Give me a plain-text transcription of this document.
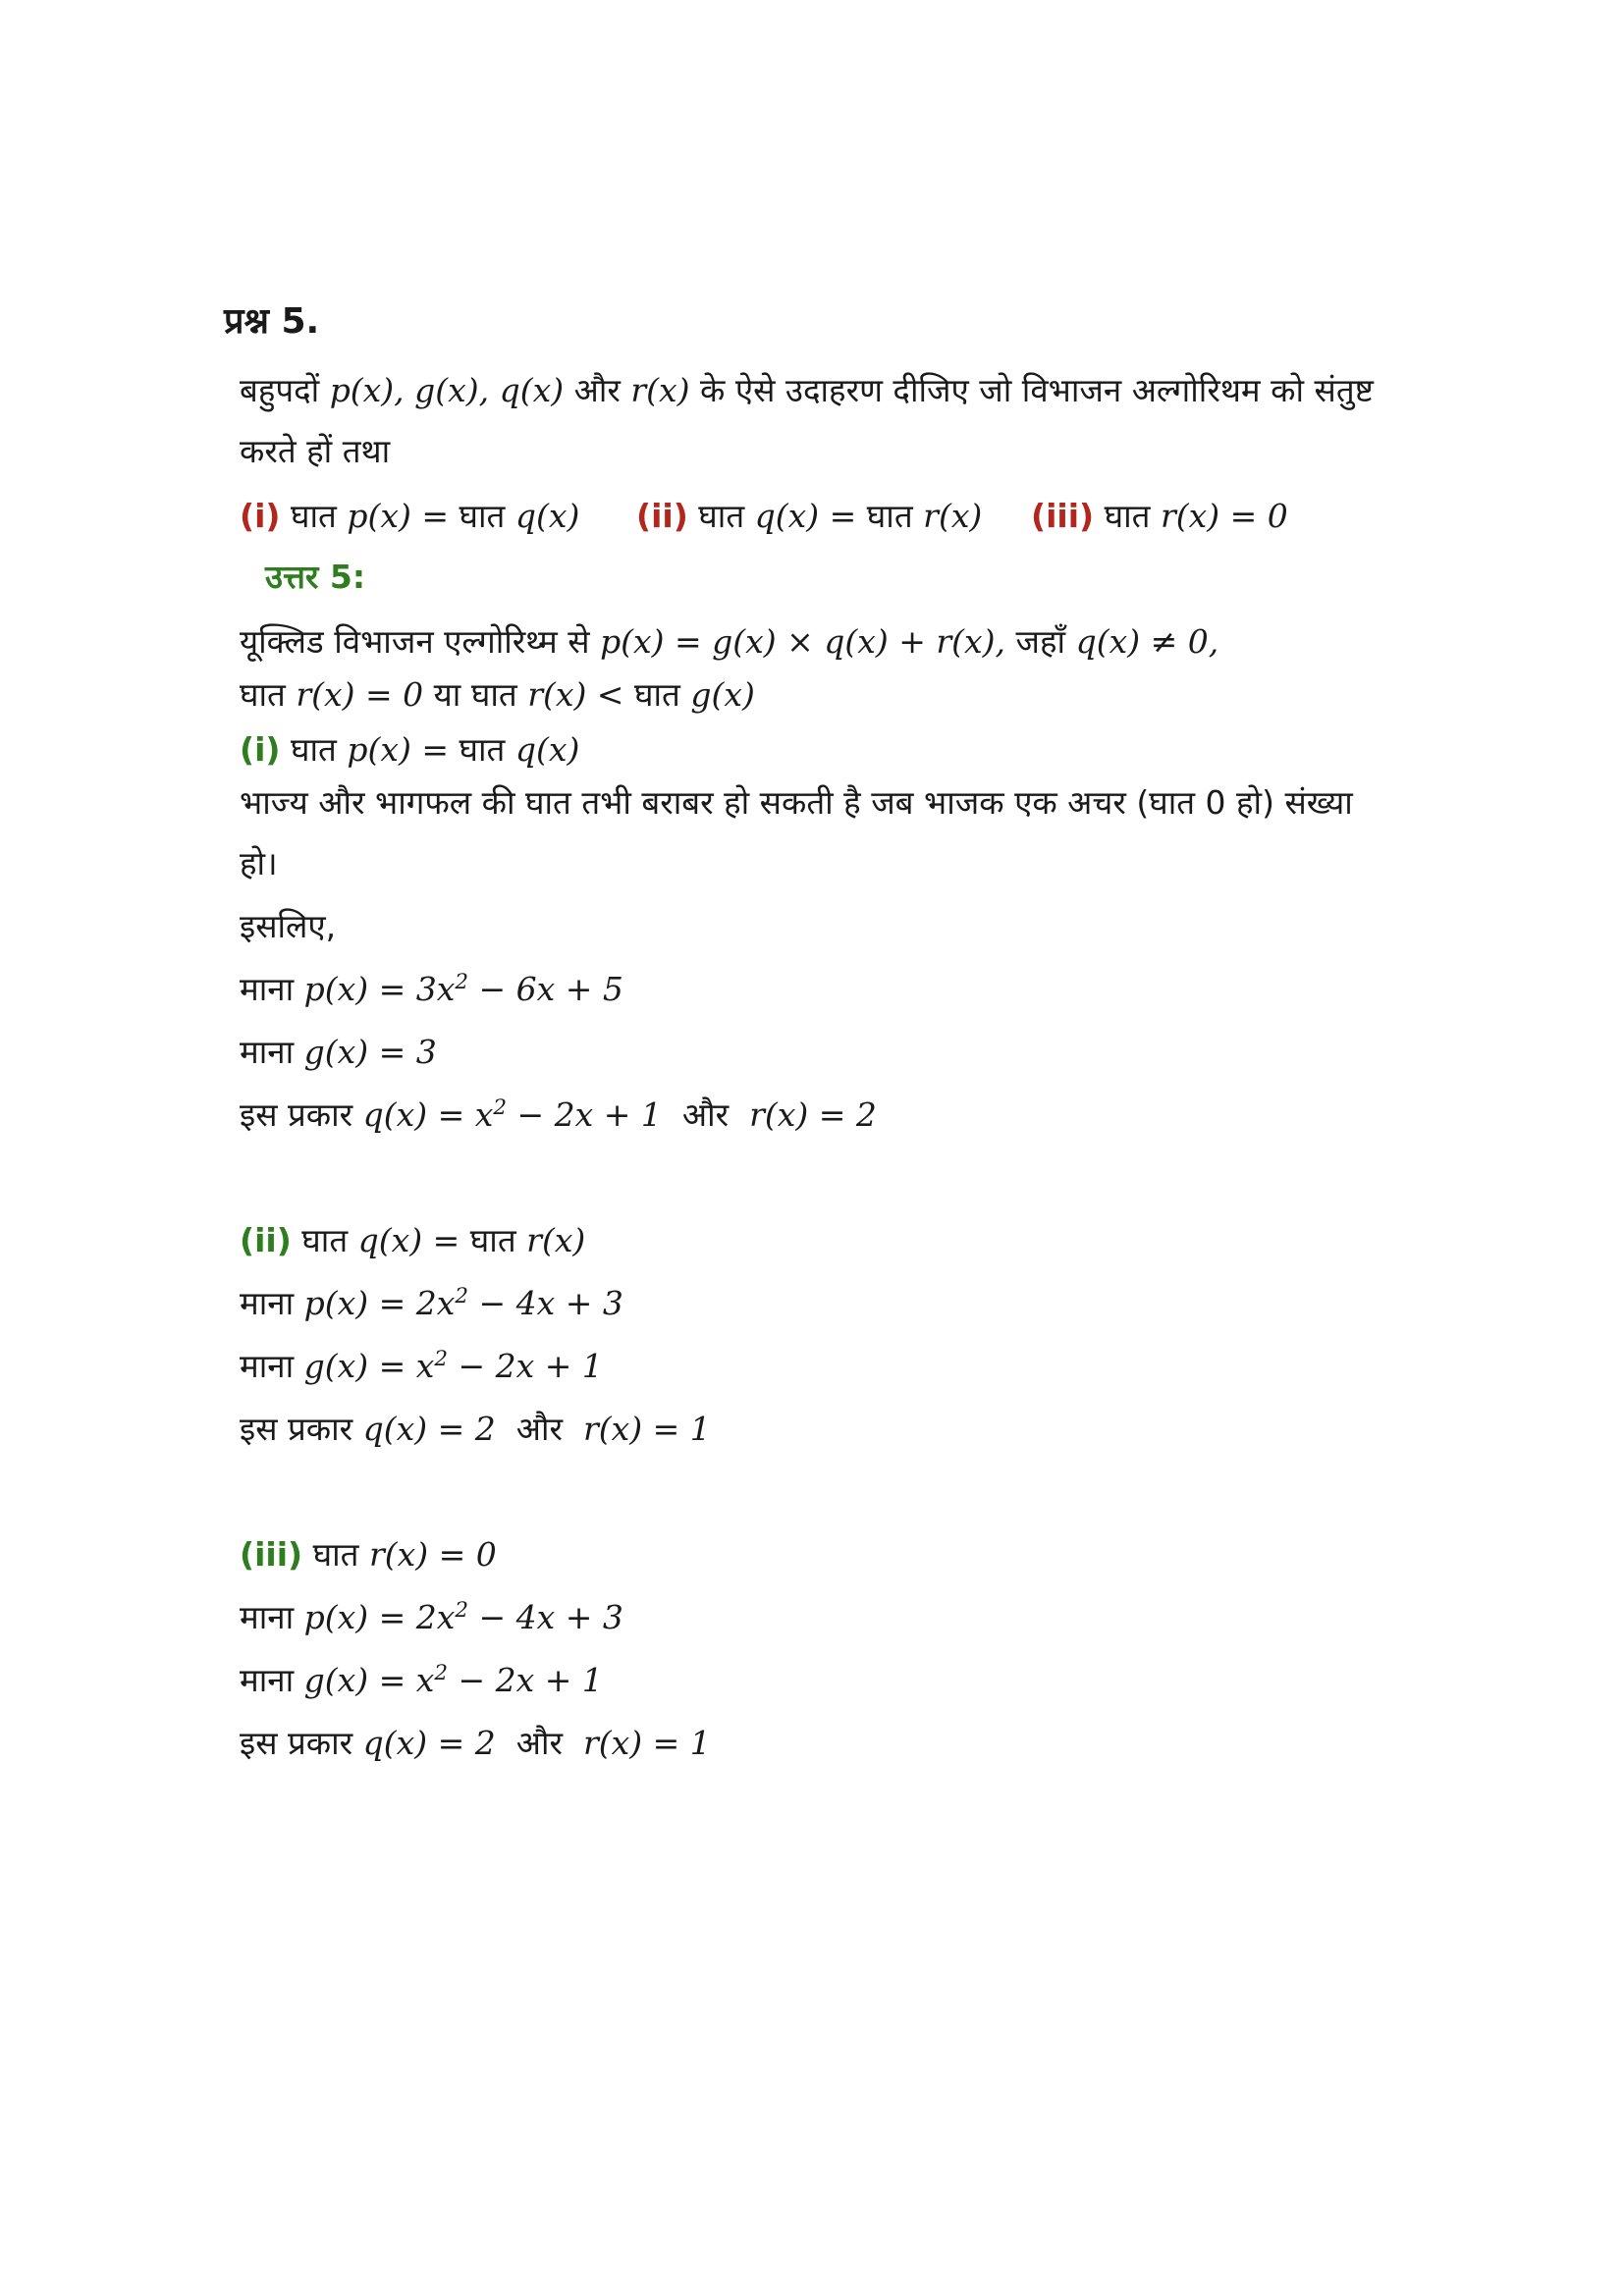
प्रश्न 5.
बहुपदों p(x), g(x), q(x) और r(x) के ऐसे उदाहरण दीजिए जो विभाजन अल्गोरिथम को संतुष्ट
करते हों तथा
(i) घात p(x) = घात q(x) (ii) घात q(x) = घात r(x) (iii) घात r(x) = 0
उत्तर 5:
यूक्लिड विभाजन एल्गोरिथ्म से p(x) = g(x) × q(x) + r(x), जहाँ q(x) ≠ 0,
घात r(x) = 0 या घात r(x) < घात g(x)
(i) घात p(x) = घात q(x)
भाज्य और भागफल की घात तभी बराबर हो सकती है जब भाजक एक अचर (घात 0 हो) संख्या
हो।
इसलिए,
माना $p(x) = 3x^2 - 6x + 5$
माना g(x) = 3
इस प्रकार $q(x) = x^2 - 2x + 1$ और r(x) = 2
(ii) घात q(x) = घात r(x)
माना $p(x) = 2x^2 - 4x + 3$
माना $g(x) = x^2 - 2x + 1$
इस प्रकार q(x) = 2 और r(x) = 1
(iii) घात r(x) = 0
माना $p(x) = 2x^2 - 4x + 3$
माना $g(x) = x^2 - 2x + 1$
इस प्रकार q(x) = 2 और r(x) = 1
